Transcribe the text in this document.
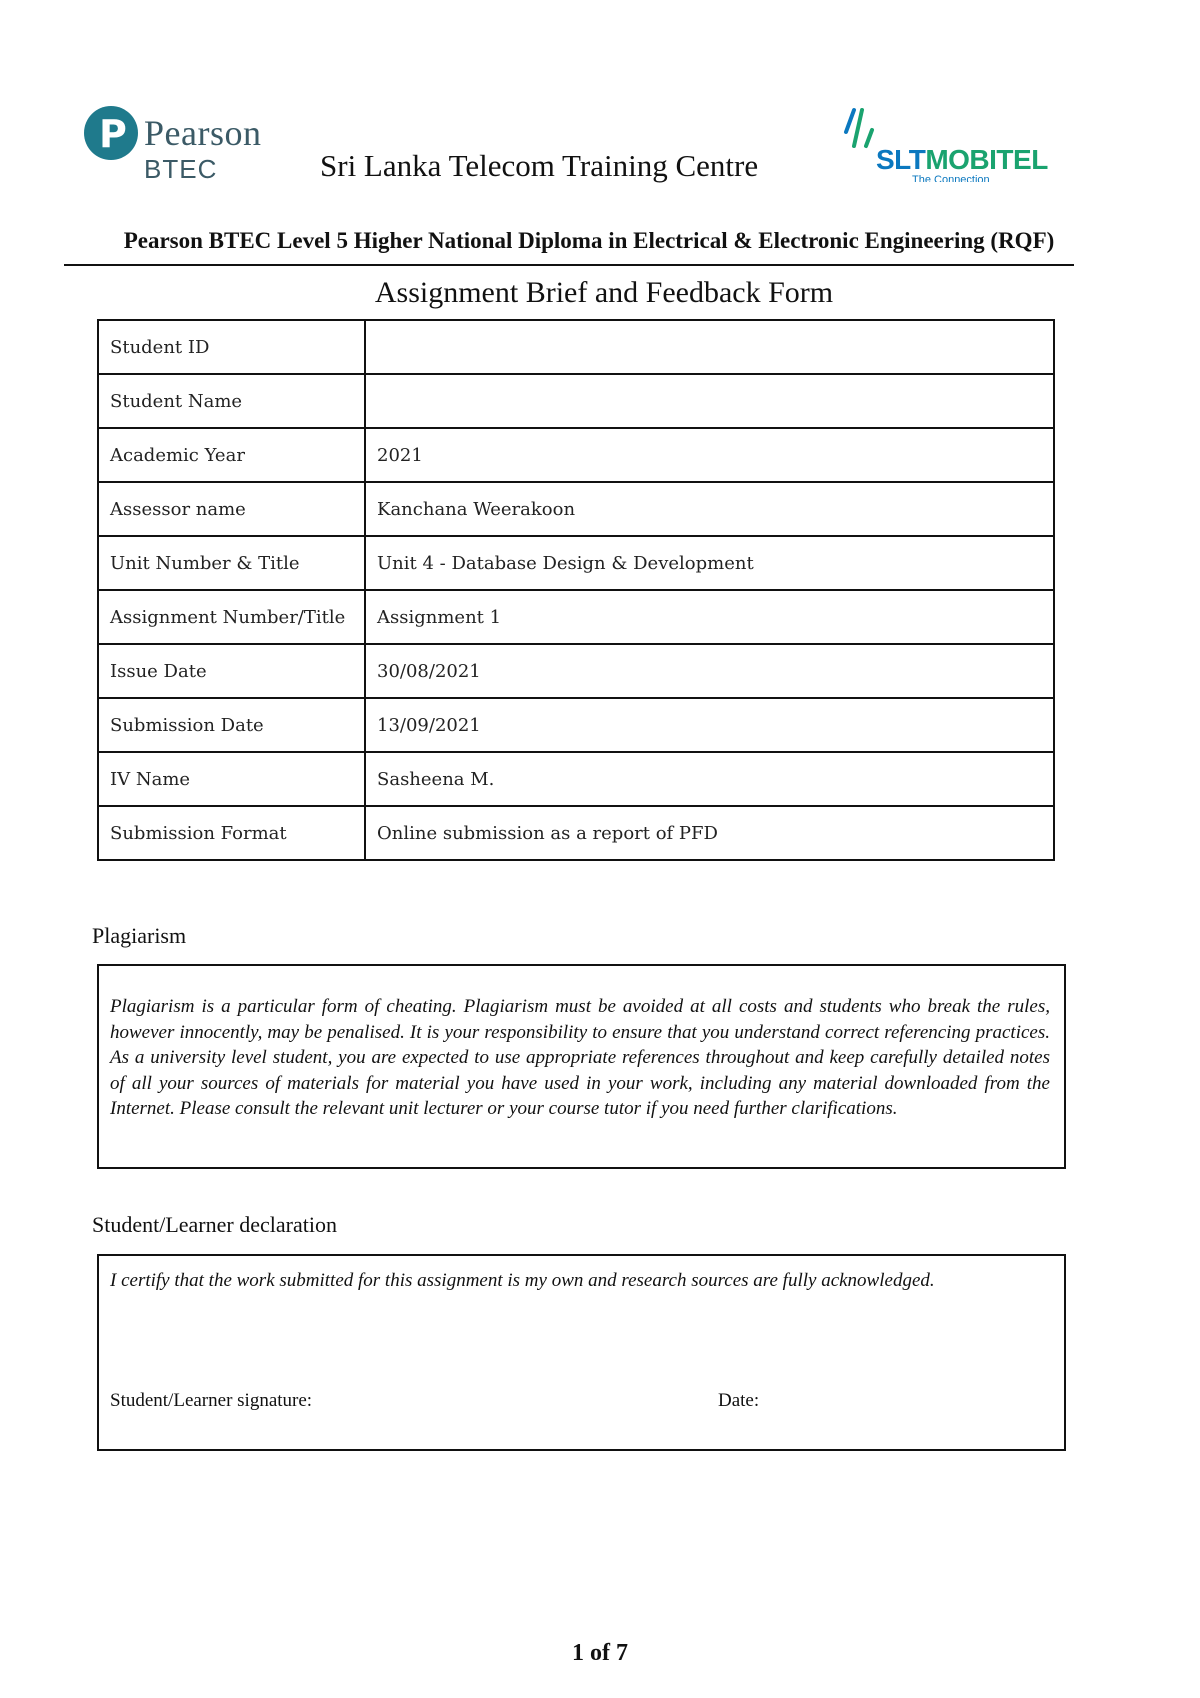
P Pearson
BTEC	Sri Lanka Telecom Training Centre	SLTMOBITEL
The Connection
Pearson BTEC Level 5 Higher National Diploma in Electrical & Electronic Engineering (RQF)
Assignment Brief and Feedback Form
Student ID	
Student Name	
Academic Year	2021
Assessor name	Kanchana Weerakoon
Unit Number & Title	Unit 4 - Database Design & Development
Assignment Number/Title	Assignment 1
Issue Date	30/08/2021
Submission Date	13/09/2021
IV Name	Sasheena M.
Submission Format	Online submission as a report of PFD
Plagiarism
Plagiarism is a particular form of cheating. Plagiarism must be avoided at all costs and students who break the rules, however innocently, may be penalised. It is your responsibility to ensure that you understand correct referencing practices. As a university level student, you are expected to use appropriate references throughout and keep carefully detailed notes of all your sources of materials for material you have used in your work, including any material downloaded from the Internet. Please consult the relevant unit lecturer or your course tutor if you need further clarifications.
Student/Learner declaration
I certify that the work submitted for this assignment is my own and research sources are fully acknowledged.
Student/Learner signature:	Date:
1 of 7
